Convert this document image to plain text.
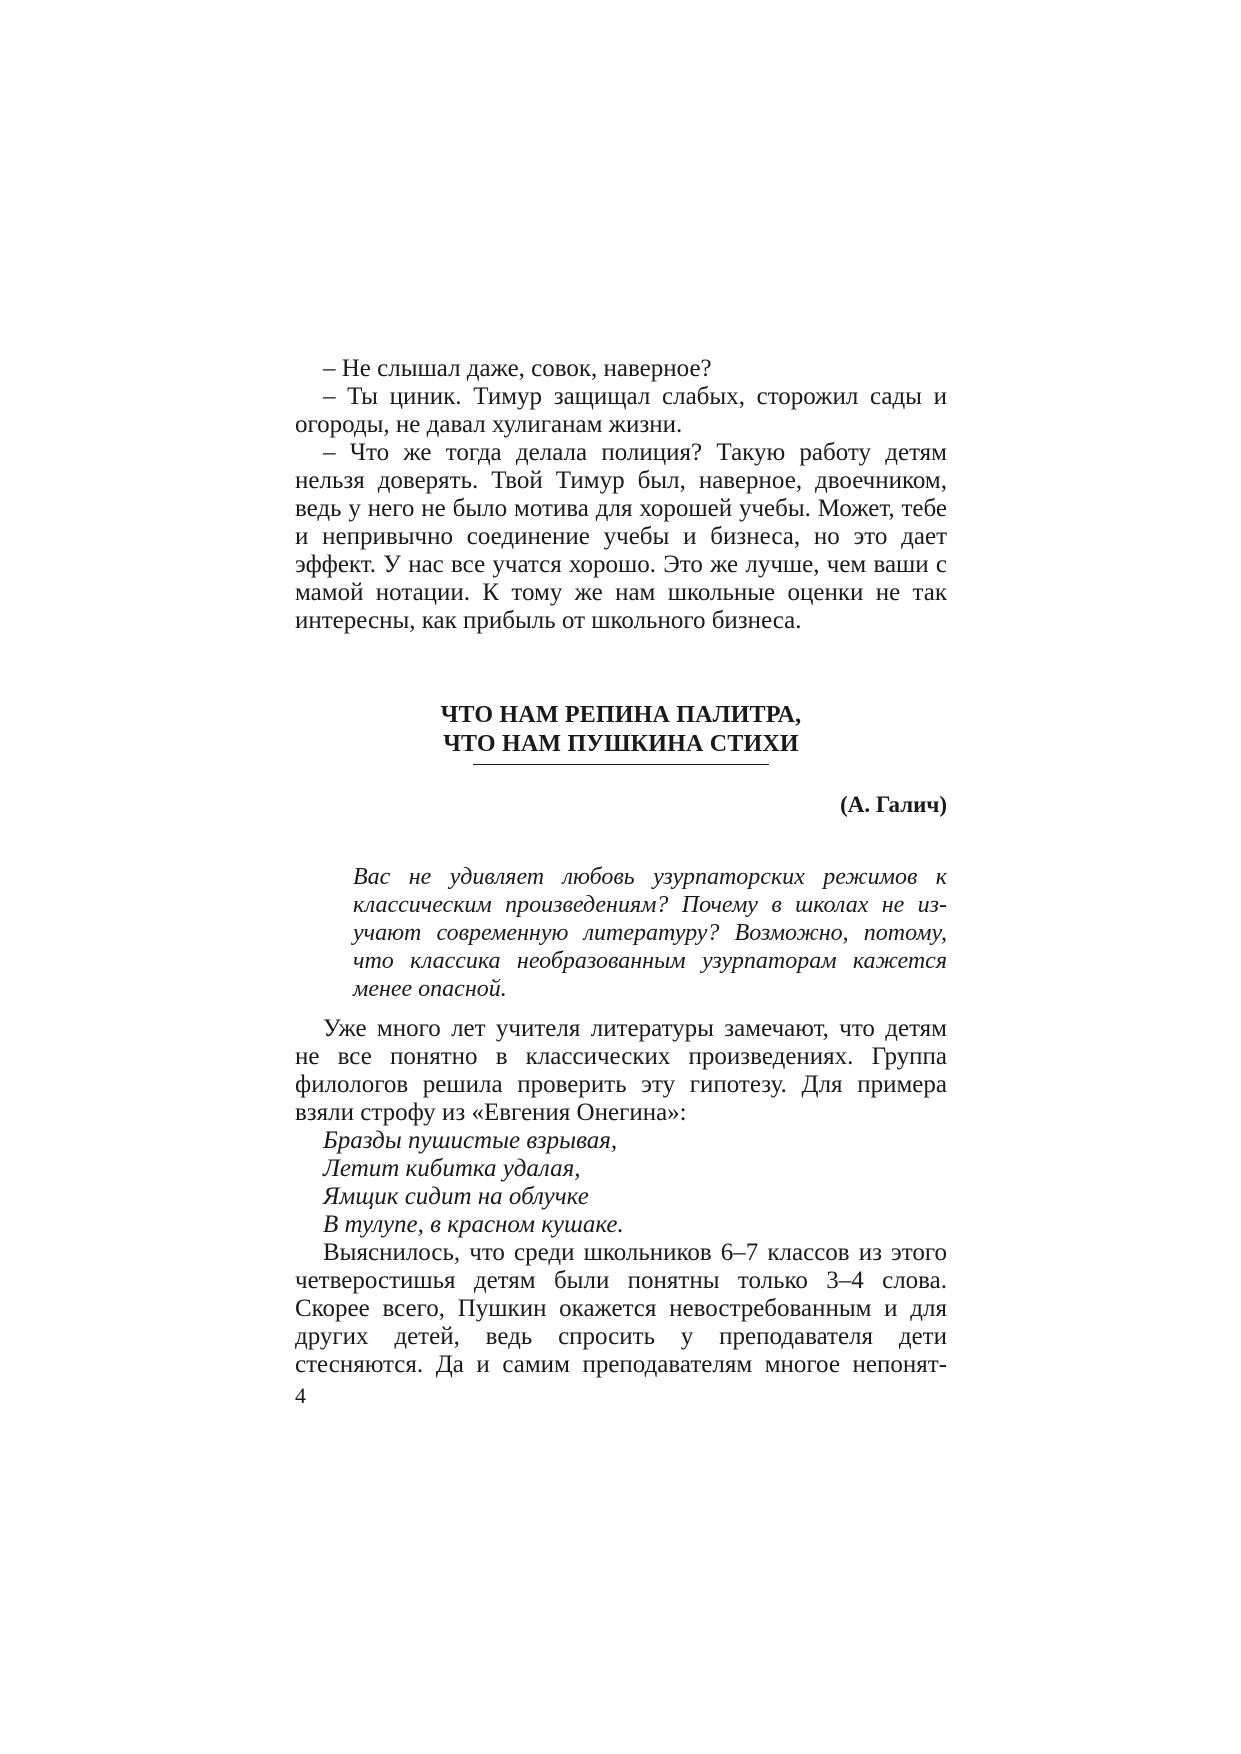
– Не слышал даже, совок, наверное?

– Ты циник. Тимур защищал слабых, сторожил сады и огороды, не давал хулиганам жизни.

– Что же тогда делала полиция? Такую работу детям нельзя доверять. Твой Тимур был, наверное, двоечником, ведь у него не было мотива для хорошей учебы. Может, тебе и непривычно соединение учебы и бизнеса, но это дает эффект. У нас все учатся хорошо. Это же лучше, чем ваши с мамой нотации. К тому же нам школьные оценки не так интересны, как прибыль от школьного бизнеса.

ЧТО НАМ РЕПИНА ПАЛИТРА,
ЧТО НАМ ПУШКИНА СТИХИ
(А. Галич)

Вас не удивляет любовь узурпаторских режимов к классическим произведениям? Почему в школах не изучают современную литературу? Возможно, потому, что классика необразованным узурпаторам кажется менее опасной.

Уже много лет учителя литературы замечают, что детям не все понятно в классических произведениях. Группа филологов решила проверить эту гипотезу. Для примера взяли строфу из «Евгения Онегина»:

Бразды пушистые взрывая,
Летит кибитка удалая,
Ямщик сидит на облучке
В тулупе, в красном кушаке.

Выяснилось, что среди школьников 6–7 классов из этого четверостишья детям были понятны только 3–4 слова. Скорее всего, Пушкин окажется невостребованным и для других детей, ведь спросить у преподавателя дети стесняются. Да и самим преподавателям многое непонят-

4
